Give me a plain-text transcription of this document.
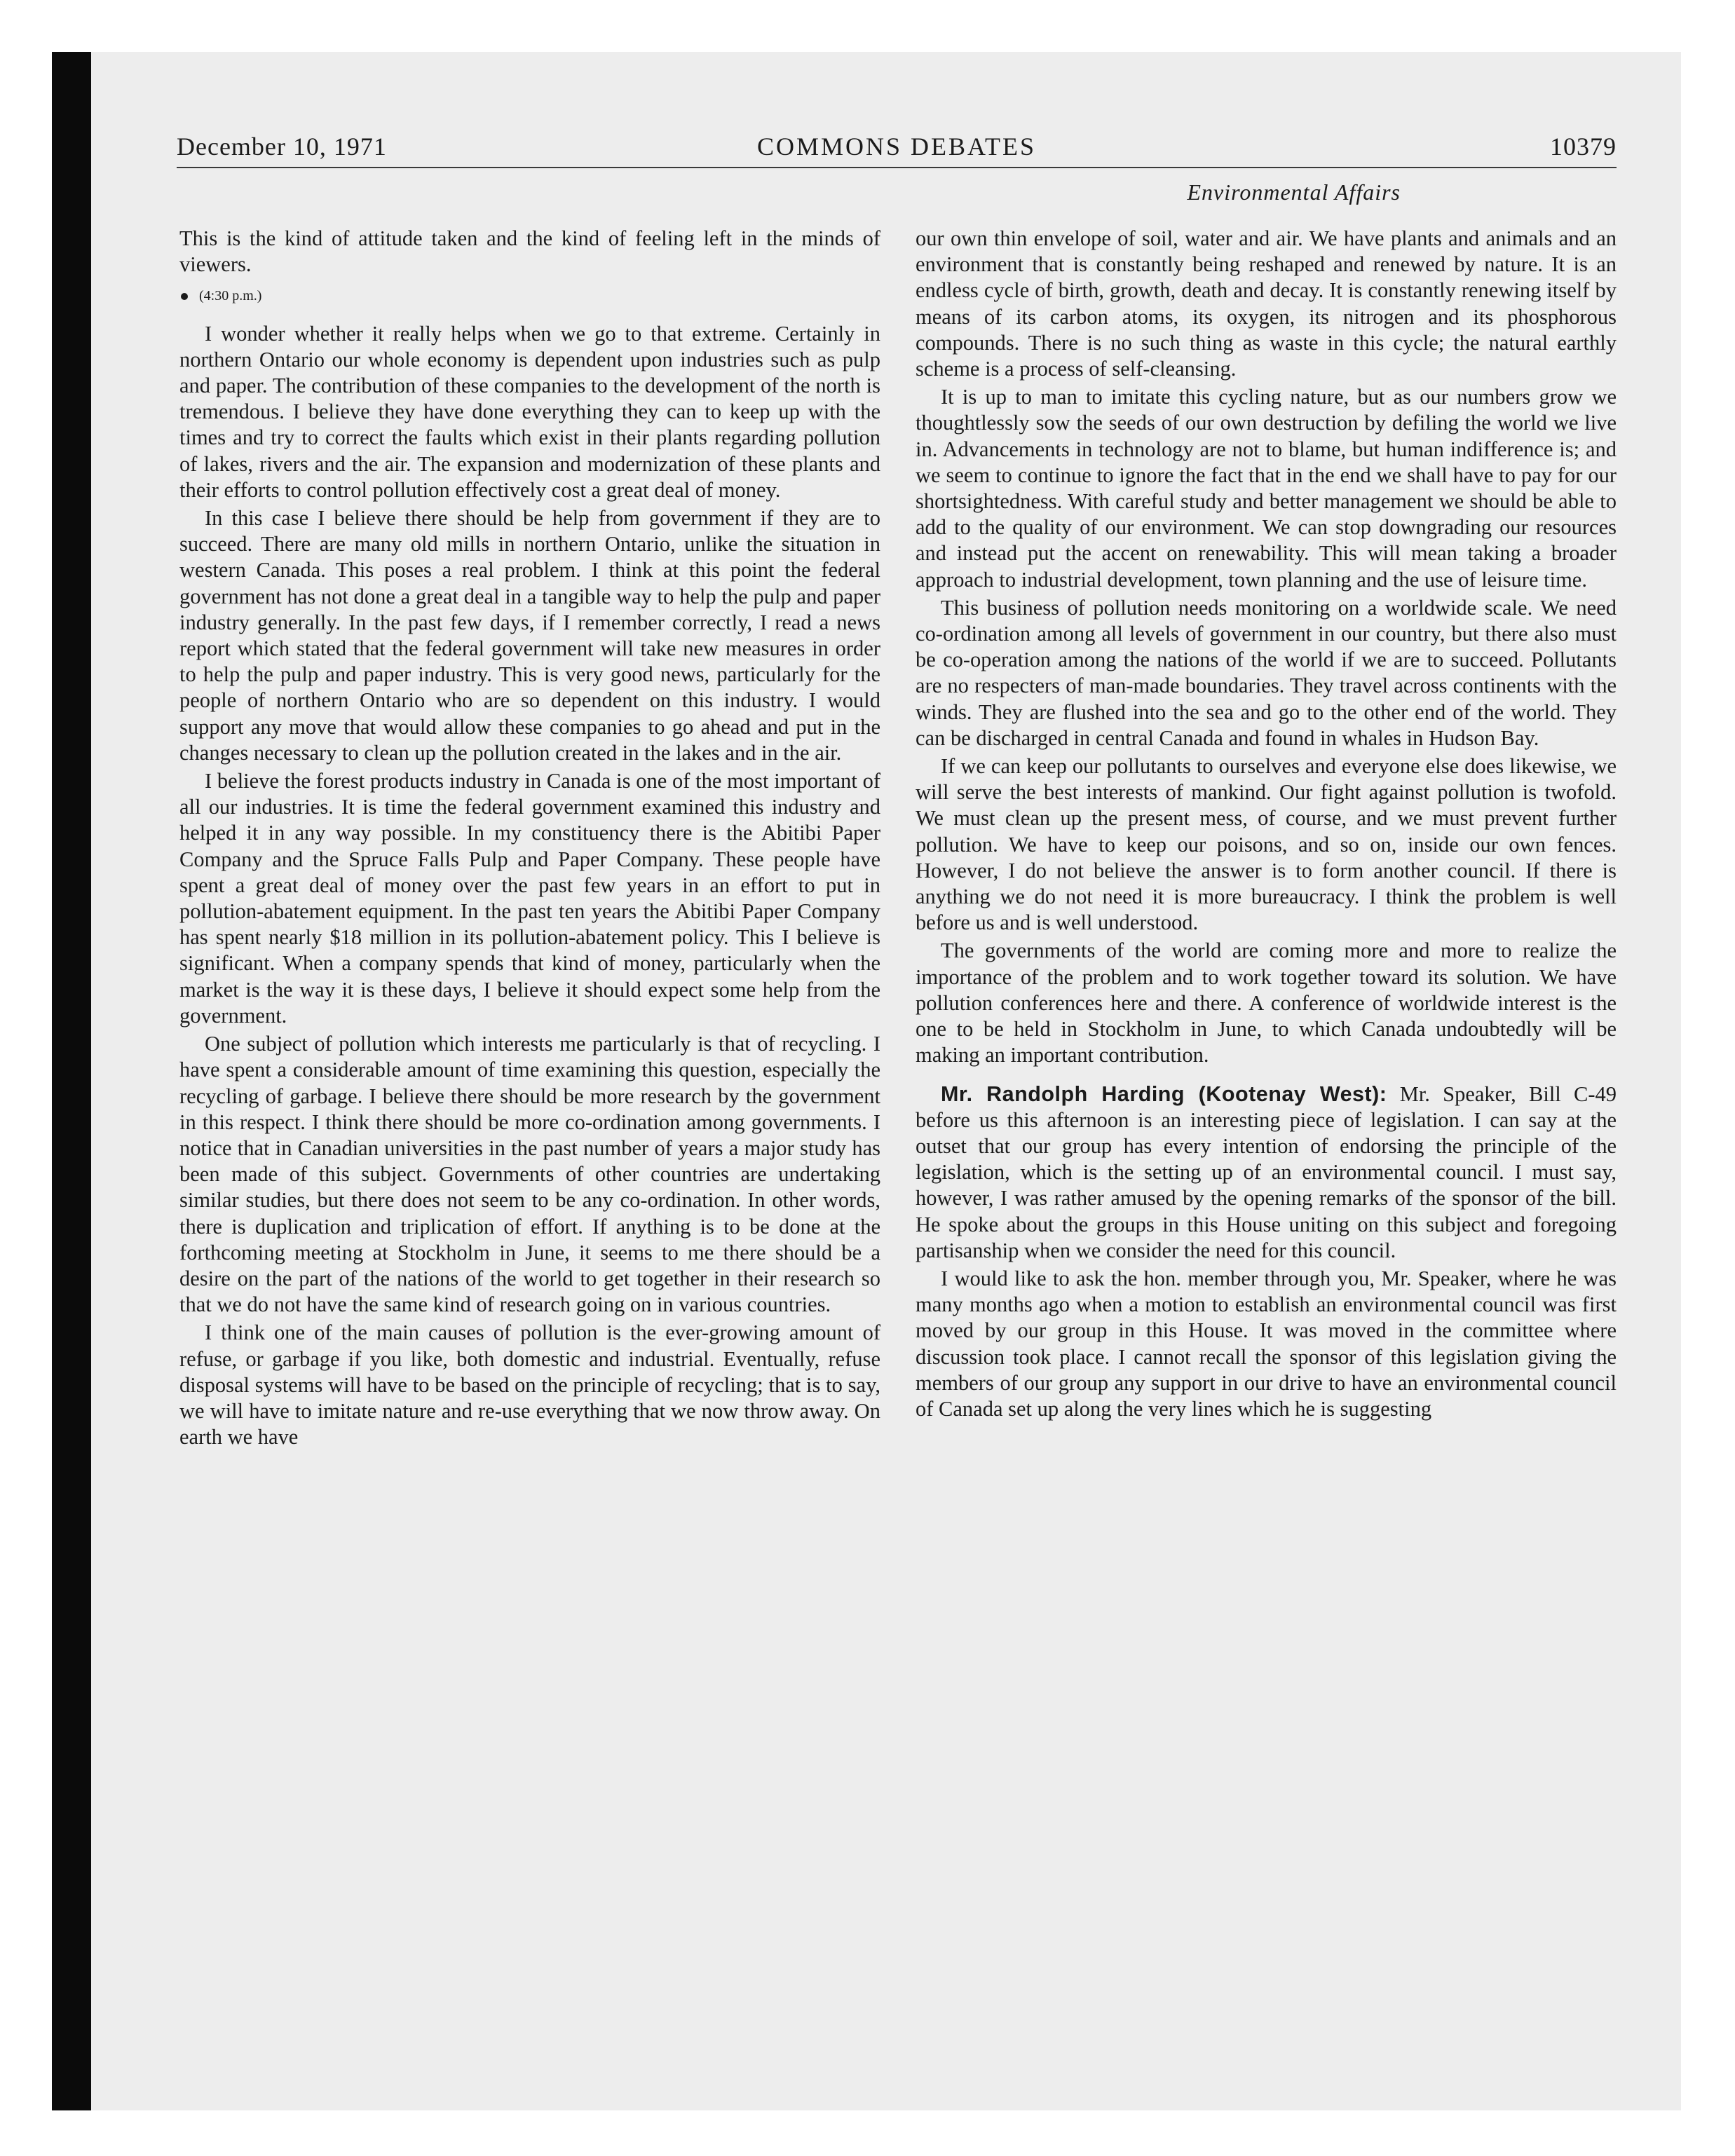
December 10, 1971	COMMONS DEBATES	10379
Environmental Affairs

This is the kind of attitude taken and the kind of feeling left in the minds of viewers.

(4:30 p.m.)

I wonder whether it really helps when we go to that extreme. Certainly in northern Ontario our whole economy is dependent upon industries such as pulp and paper. The contribution of these companies to the development of the north is tremendous. I believe they have done everything they can to keep up with the times and try to correct the faults which exist in their plants regarding pollution of lakes, rivers and the air. The expansion and modernization of these plants and their efforts to control pollution effectively cost a great deal of money.

In this case I believe there should be help from government if they are to succeed. There are many old mills in northern Ontario, unlike the situation in western Canada. This poses a real problem. I think at this point the federal government has not done a great deal in a tangible way to help the pulp and paper industry generally. In the past few days, if I remember correctly, I read a news report which stated that the federal government will take new measures in order to help the pulp and paper industry. This is very good news, particularly for the people of northern Ontario who are so dependent on this industry. I would support any move that would allow these companies to go ahead and put in the changes necessary to clean up the pollution created in the lakes and in the air.

I believe the forest products industry in Canada is one of the most important of all our industries. It is time the federal government examined this industry and helped it in any way possible. In my constituency there is the Abitibi Paper Company and the Spruce Falls Pulp and Paper Company. These people have spent a great deal of money over the past few years in an effort to put in pollution-abatement equipment. In the past ten years the Abitibi Paper Company has spent nearly $18 million in its pollution-abatement policy. This I believe is significant. When a company spends that kind of money, particularly when the market is the way it is these days, I believe it should expect some help from the government.

One subject of pollution which interests me particularly is that of recycling. I have spent a considerable amount of time examining this question, especially the recycling of garbage. I believe there should be more research by the government in this respect. I think there should be more co-ordination among governments. I notice that in Canadian universities in the past number of years a major study has been made of this subject. Governments of other countries are undertaking similar studies, but there does not seem to be any co-ordination. In other words, there is duplication and triplication of effort. If anything is to be done at the forthcoming meeting at Stockholm in June, it seems to me there should be a desire on the part of the nations of the world to get together in their research so that we do not have the same kind of research going on in various countries.

I think one of the main causes of pollution is the ever-growing amount of refuse, or garbage if you like, both domestic and industrial. Eventually, refuse disposal systems will have to be based on the principle of recycling; that is to say, we will have to imitate nature and re-use everything that we now throw away. On earth we have

our own thin envelope of soil, water and air. We have plants and animals and an environment that is constantly being reshaped and renewed by nature. It is an endless cycle of birth, growth, death and decay. It is constantly renewing itself by means of its carbon atoms, its oxygen, its nitrogen and its phosphorous compounds. There is no such thing as waste in this cycle; the natural earthly scheme is a process of self-cleansing.

It is up to man to imitate this cycling nature, but as our numbers grow we thoughtlessly sow the seeds of our own destruction by defiling the world we live in. Advancements in technology are not to blame, but human indifference is; and we seem to continue to ignore the fact that in the end we shall have to pay for our shortsightedness. With careful study and better management we should be able to add to the quality of our environment. We can stop downgrading our resources and instead put the accent on renewability. This will mean taking a broader approach to industrial development, town planning and the use of leisure time.

This business of pollution needs monitoring on a worldwide scale. We need co-ordination among all levels of government in our country, but there also must be co-operation among the nations of the world if we are to succeed. Pollutants are no respecters of man-made boundaries. They travel across continents with the winds. They are flushed into the sea and go to the other end of the world. They can be discharged in central Canada and found in whales in Hudson Bay.

If we can keep our pollutants to ourselves and everyone else does likewise, we will serve the best interests of mankind. Our fight against pollution is twofold. We must clean up the present mess, of course, and we must prevent further pollution. We have to keep our poisons, and so on, inside our own fences. However, I do not believe the answer is to form another council. If there is anything we do not need it is more bureaucracy. I think the problem is well before us and is well understood.

The governments of the world are coming more and more to realize the importance of the problem and to work together toward its solution. We have pollution conferences here and there. A conference of worldwide interest is the one to be held in Stockholm in June, to which Canada undoubtedly will be making an important contribution.

Mr. Randolph Harding (Kootenay West): Mr. Speaker, Bill C-49 before us this afternoon is an interesting piece of legislation. I can say at the outset that our group has every intention of endorsing the principle of the legislation, which is the setting up of an environmental council. I must say, however, I was rather amused by the opening remarks of the sponsor of the bill. He spoke about the groups in this House uniting on this subject and foregoing partisanship when we consider the need for this council.

I would like to ask the hon. member through you, Mr. Speaker, where he was many months ago when a motion to establish an environmental council was first moved by our group in this House. It was moved in the committee where discussion took place. I cannot recall the sponsor of this legislation giving the members of our group any support in our drive to have an environmental council of Canada set up along the very lines which he is suggesting
